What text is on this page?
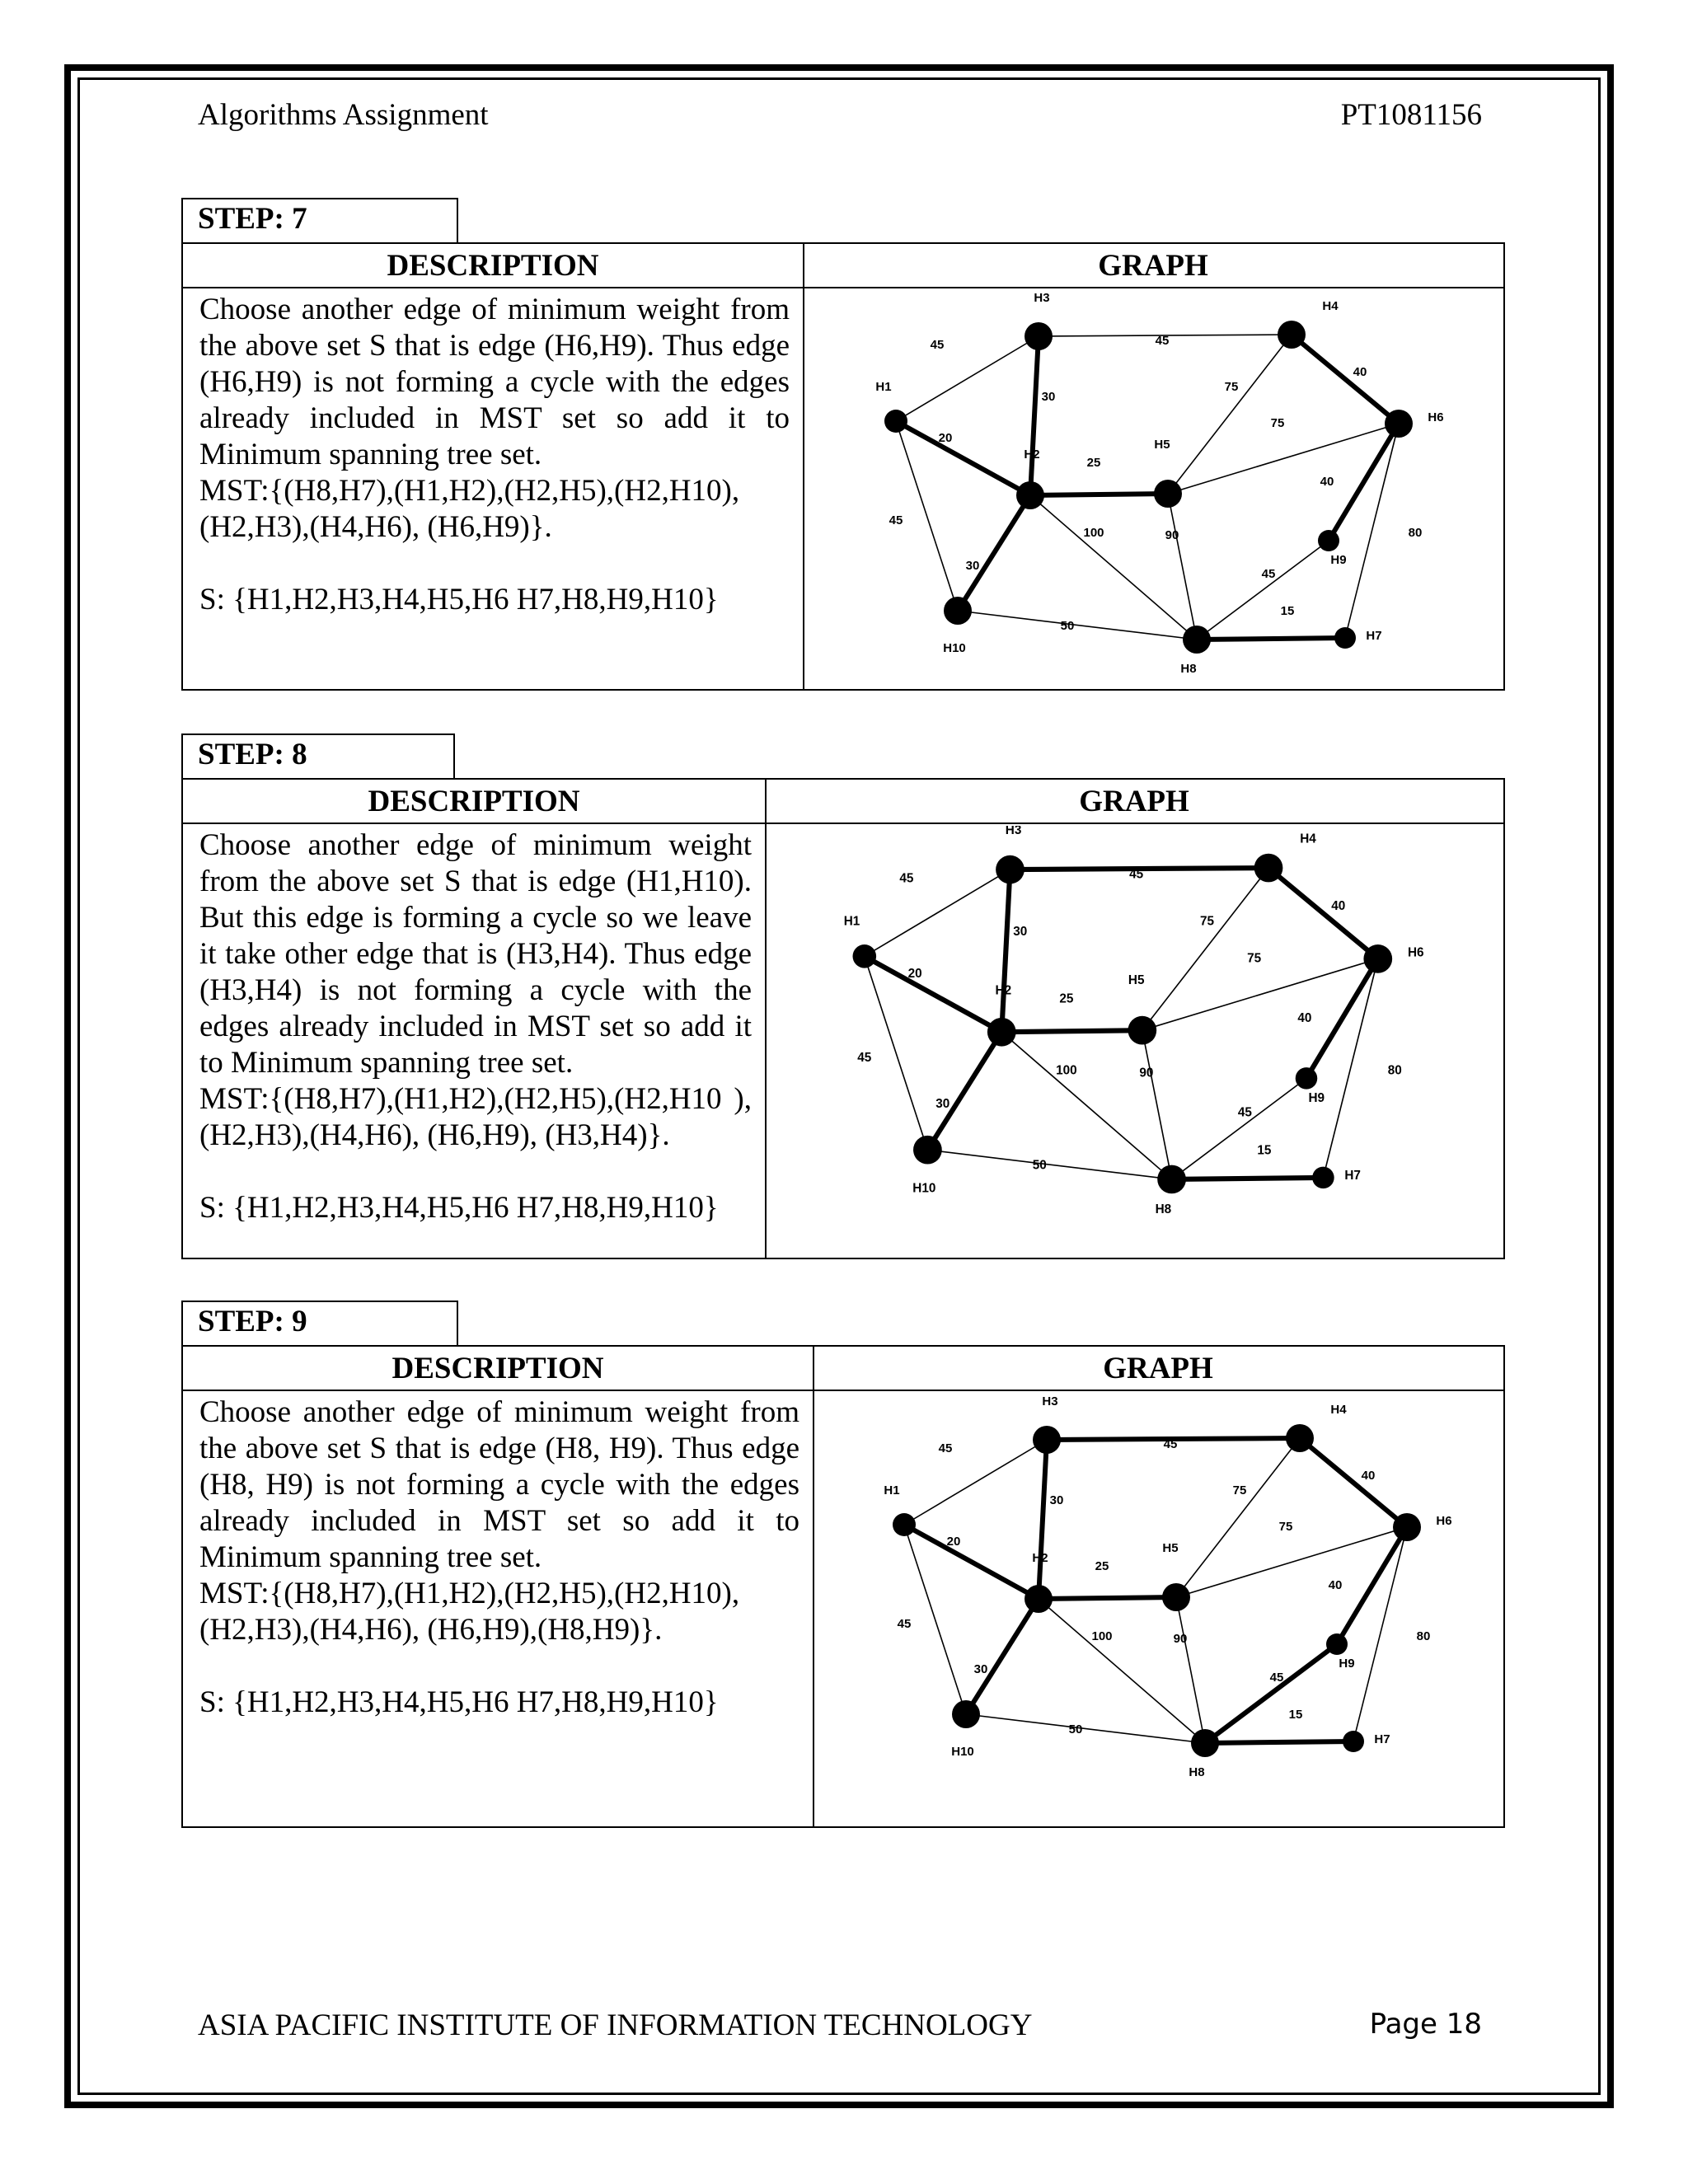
Algorithms Assignment	PT1081156
STEP: 7
DESCRIPTION	GRAPH

Choose another edge of minimum weight from the above set S that is edge (H6,H9). Thus edge (H6,H9) is not forming a cycle with the edges already included in MST set so add it to Minimum spanning tree set.

MST:{(H8,H7),(H1,H2),(H2,H5),(H2,H10), (H2,H3),(H4,H6), (H6,H9)}.

S: {H1,H2,H3,H4,H5,H6 H7,H8,H9,H10}

45	45
40
30
75
75
20
25
40
80
45
30
100	90
45
15
50
H1
H2
H3
H4
H5
H6
H7
H8
H9
H10
STEP: 8
DESCRIPTION	GRAPH

Choose another edge of minimum weight from the above set S that is edge (H1,H10). But this edge is forming a cycle so we leave it take other edge that is (H3,H4). Thus edge (H3,H4) is not forming a cycle with the edges already included in MST set so add it to Minimum spanning tree set.

MST:{(H8,H7),(H1,H2),(H2,H5),(H2,H10 ), (H2,H3),(H4,H6), (H6,H9), (H3,H4)}.

S: {H1,H2,H3,H4,H5,H6 H7,H8,H9,H10}

45	45
40
30
75
75
20
25
40
80
45
30
100	90
45
15
50
H1
H2
H3
H4
H5
H6
H7
H8
H9
H10
STEP: 9
DESCRIPTION	GRAPH

Choose another edge of minimum weight from the above set S that is edge (H8, H9). Thus edge (H8, H9) is not forming a cycle with the edges already included in MST set so add it to Minimum spanning tree set.

MST:{(H8,H7),(H1,H2),(H2,H5),(H2,H10), (H2,H3),(H4,H6), (H6,H9),(H8,H9)}.

S: {H1,H2,H3,H4,H5,H6 H7,H8,H9,H10}

45	45
40
30
75
75
20
25
40
80
45
30
100	90
45
15
50
H1
H2
H3
H4
H5
H6
H7
H8
H9
H10
ASIA PACIFIC INSTITUTE OF INFORMATION TECHNOLOGY	Page 18
